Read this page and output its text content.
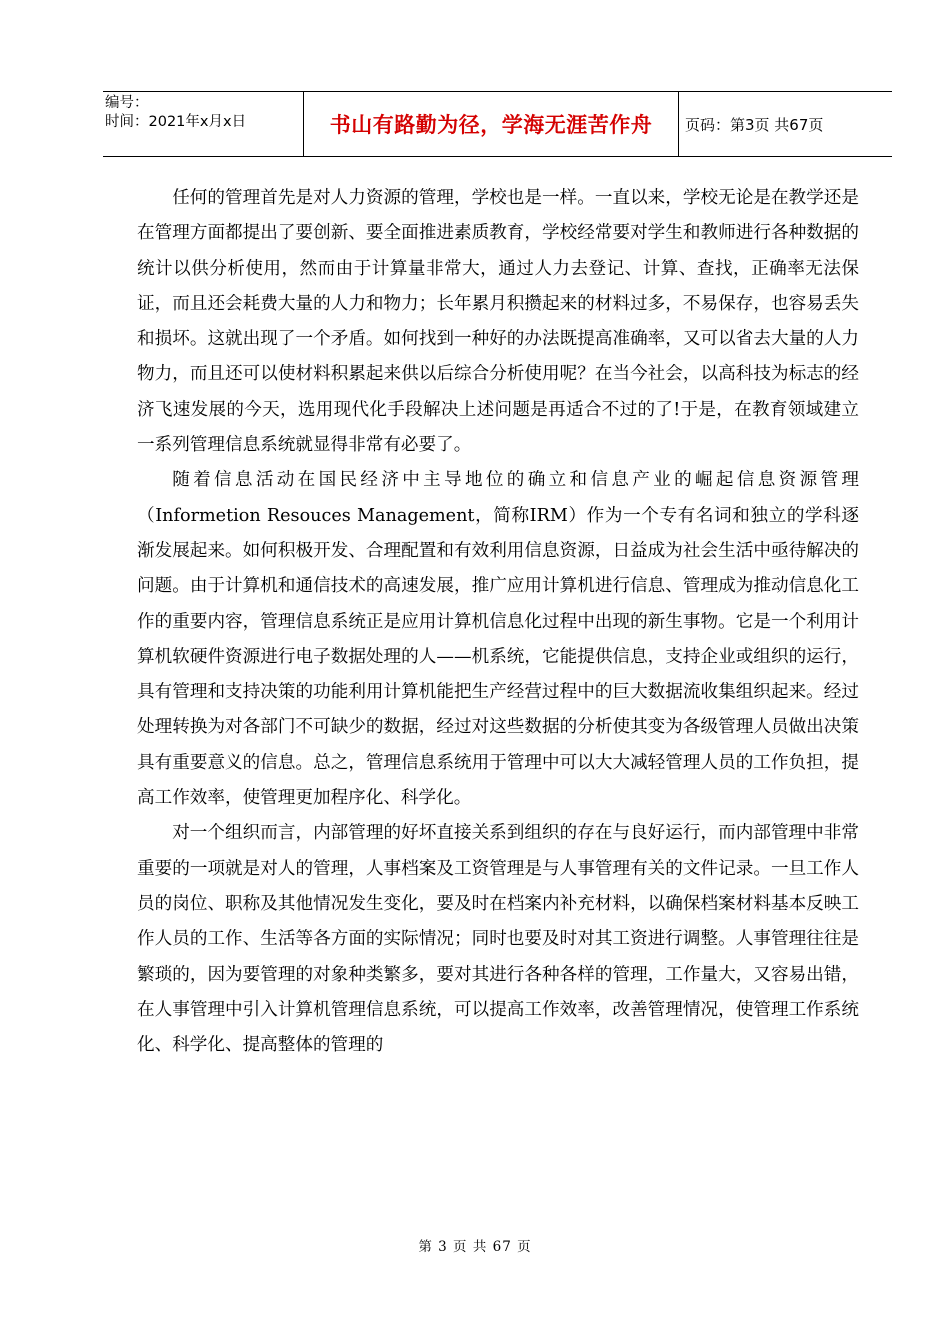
编号：
时间：2021年x月x日	书山有路勤为径，学海无涯苦作舟 页码：第3页 共67页

任何的管理首先是对人力资源的管理，学校也是一样。一直以来，学校无论是在教学还是在管理方面都提出了要创新、要全面推进素质教育，学校经常要对学生和教师进行各种数据的统计以供分析使用，然而由于计算量非常大，通过人力去登记、计算、查找，正确率无法保证，而且还会耗费大量的人力和物力；长年累月积攒起来的材料过多，不易保存，也容易丢失和损坏。这就出现了一个矛盾。如何找到一种好的办法既提高准确率，又可以省去大量的人力物力，而且还可以使材料积累起来供以后综合分析使用呢？在当今社会，以高科技为标志的经济飞速发展的今天，选用现代化手段解决上述问题是再适合不过的了!于是，在教育领域建立一系列管理信息系统就显得非常有必要了。

随着信息活动在国民经济中主导地位的确立和信息产业的崛起信息资源管理（Informetion Resouces Management，简称IRM）作为一个专有名词和独立的学科逐渐发展起来。如何积极开发、合理配置和有效利用信息资源，日益成为社会生活中亟待解决的问题。由于计算机和通信技术的高速发展，推广应用计算机进行信息、管理成为推动信息化工作的重要内容，管理信息系统正是应用计算机信息化过程中出现的新生事物。它是一个利用计算机软硬件资源进行电子数据处理的人——机系统，它能提供信息，支持企业或组织的运行，具有管理和支持决策的功能利用计算机能把生产经营过程中的巨大数据流收集组织起来。经过处理转换为对各部门不可缺少的数据，经过对这些数据的分析使其变为各级管理人员做出决策具有重要意义的信息。总之，管理信息系统用于管理中可以大大减轻管理人员的工作负担，提高工作效率，使管理更加程序化、科学化。

对一个组织而言，内部管理的好坏直接关系到组织的存在与良好运行，而内部管理中非常重要的一项就是对人的管理，人事档案及工资管理是与人事管理有关的文件记录。一旦工作人员的岗位、职称及其他情况发生变化，要及时在档案内补充材料，以确保档案材料基本反映工作人员的工作、生活等各方面的实际情况；同时也要及时对其工资进行调整。人事管理往往是繁琐的，因为要管理的对象种类繁多，要对其进行各种各样的管理，工作量大，又容易出错，在人事管理中引入计算机管理信息系统，可以提高工作效率，改善管理情况，使管理工作系统化、科学化、提高整体的管理的

第 3 页 共 67 页
